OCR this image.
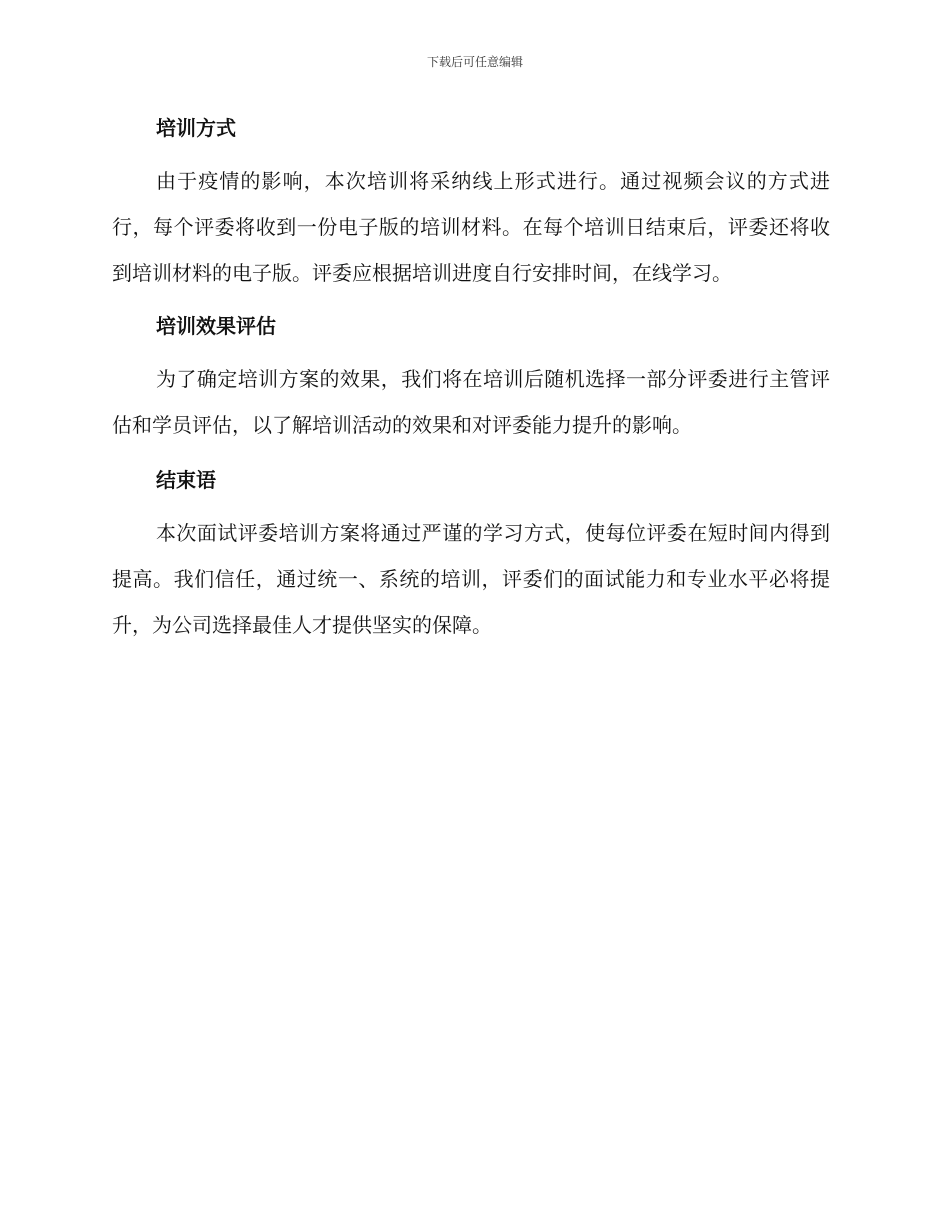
下载后可任意编辑
培训方式

由于疫情的影响，本次培训将采纳线上形式进行。通过视频会议的方式进行，每个评委将收到一份电子版的培训材料。在每个培训日结束后，评委还将收到培训材料的电子版。评委应根据培训进度自行安排时间，在线学习。

培训效果评估

为了确定培训方案的效果，我们将在培训后随机选择一部分评委进行主管评估和学员评估，以了解培训活动的效果和对评委能力提升的影响。

结束语

本次面试评委培训方案将通过严谨的学习方式，使每位评委在短时间内得到提高。我们信任，通过统一、系统的培训，评委们的面试能力和专业水平必将提升，为公司选择最佳人才提供坚实的保障。
